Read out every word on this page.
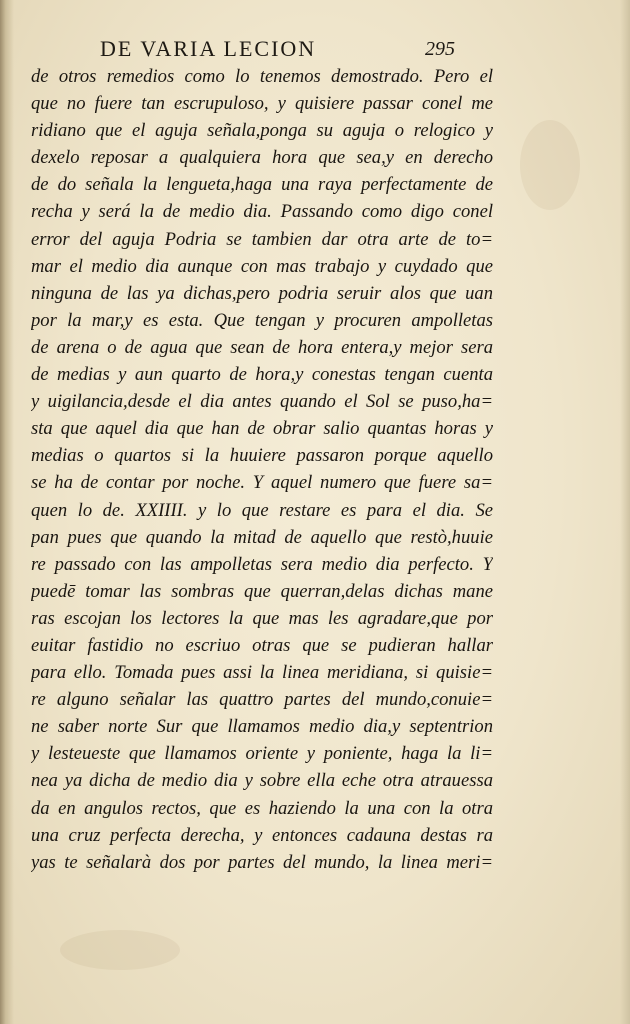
DE VARIA LECION	295
de otros remedios como lo tenemos demostrado. Pero el
que no fuere tan escrupuloso, y quisiere passar conel me
ridiano que el aguja señala,ponga su aguja o relogico y
dexelo reposar a qualquiera hora que sea,y en derecho
de do señala la lengueta,haga una raya perfectamente de
recha y será la de medio dia. Passando como digo conel
error del aguja Podria se tambien dar otra arte de to=
mar el medio dia aunque con mas trabajo y cuydado que
ninguna de las ya dichas,pero podria seruir alos que uan
por la mar,y es esta. Que tengan y procuren ampolletas
de arena o de agua que sean de hora entera,y mejor sera
de medias y aun quarto de hora,y conestas tengan cuenta
y uigilancia,desde el dia antes quando el Sol se puso,ha=
sta que aquel dia que han de obrar salio quantas horas y
medias o quartos si la huuiere passaron porque aquello
se ha de contar por noche. Y aquel numero que fuere sa=
quen lo de. XXIIII. y lo que restare es para el dia. Se
pan pues que quando la mitad de aquello que restò,huuie
re passado con las ampolletas sera medio dia perfecto. Y
puedē tomar las sombras que querran,delas dichas mane
ras escojan los lectores la que mas les agradare,que por
euitar fastidio no escriuo otras que se pudieran hallar
para ello. Tomada pues assi la linea meridiana, si quisie=
re alguno señalar las quattro partes del mundo,conuie=
ne saber norte Sur que llamamos medio dia,y septentrion
y lesteueste que llamamos oriente y poniente, haga la li=
nea ya dicha de medio dia y sobre ella eche otra atrauessa
da en angulos rectos, que es haziendo la una con la otra
una cruz perfecta derecha, y entonces cadauna destas ra
yas te señalarà dos por partes del mundo, la linea meri=
